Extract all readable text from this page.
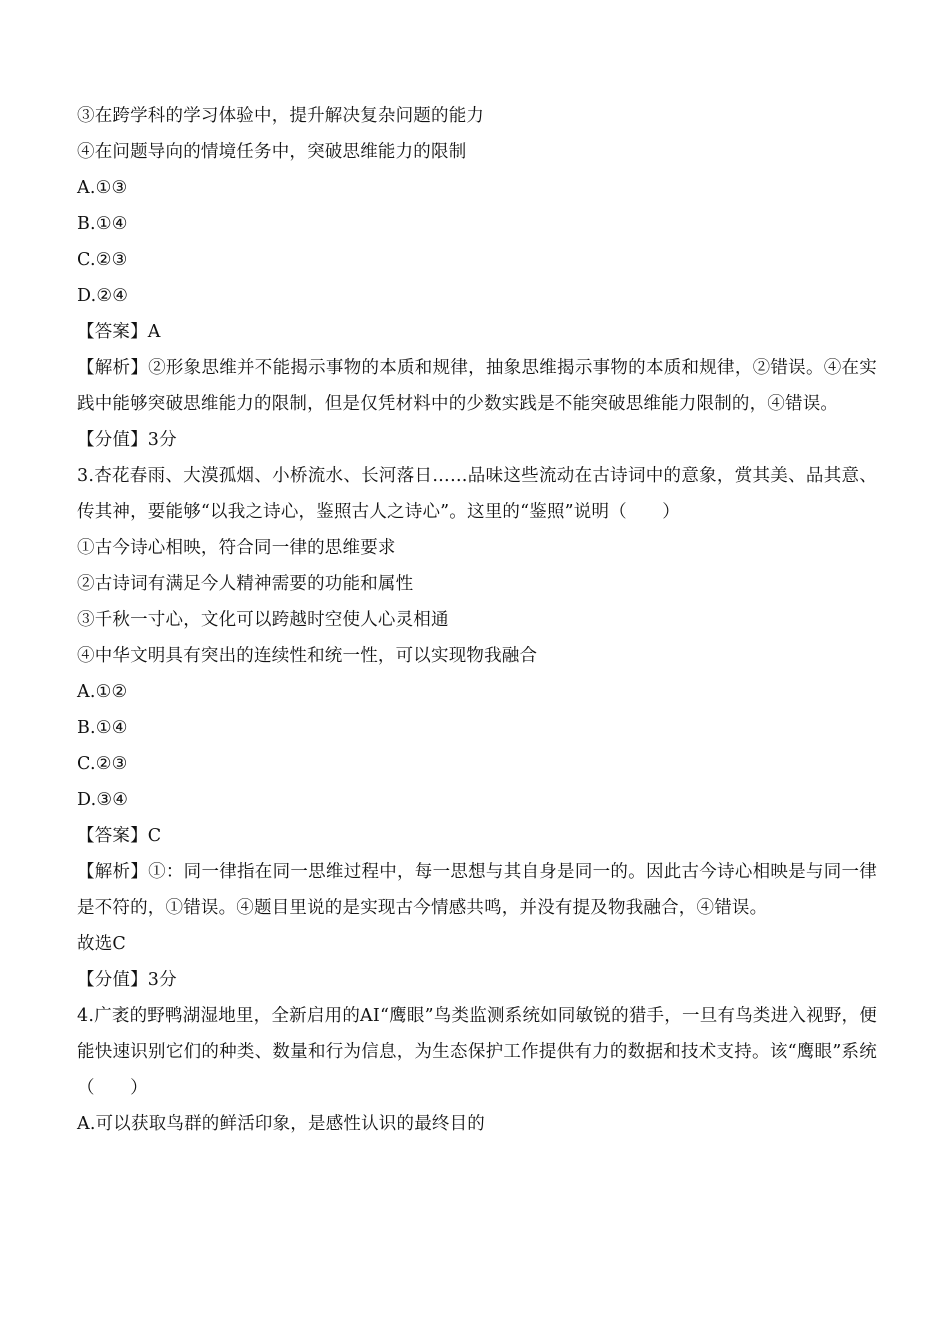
③在跨学科的学习体验中，提升解决复杂问题的能力

④在问题导向的情境任务中，突破思维能力的限制

A.①③

B.①④

C.②③

D.②④

【答案】A

【解析】②形象思维并不能揭示事物的本质和规律，抽象思维揭示事物的本质和规律，②错误。④在实践中能够突破思维能力的限制，但是仅凭材料中的少数实践是不能突破思维能力限制的，④错误。

【分值】3分

3.杏花春雨、大漠孤烟、小桥流水、长河落日……品味这些流动在古诗词中的意象，赏其美、品其意、传其神，要能够“以我之诗心，鉴照古人之诗心”。这里的“鉴照”说明（　　）

①古今诗心相映，符合同一律的思维要求

②古诗词有满足今人精神需要的功能和属性

③千秋一寸心，文化可以跨越时空使人心灵相通

④中华文明具有突出的连续性和统一性，可以实现物我融合

A.①②

B.①④

C.②③

D.③④

【答案】C

【解析】①：同一律指在同一思维过程中，每一思想与其自身是同一的。因此古今诗心相映是与同一律是不符的，①错误。④题目里说的是实现古今情感共鸣，并没有提及物我融合，④错误。

故选C

【分值】3分

4.广袤的野鸭湖湿地里，全新启用的AI“鹰眼”鸟类监测系统如同敏锐的猎手，一旦有鸟类进入视野，便能快速识别它们的种类、数量和行为信息，为生态保护工作提供有力的数据和技术支持。该“鹰眼”系统（　　）

A.可以获取鸟群的鲜活印象，是感性认识的最终目的
